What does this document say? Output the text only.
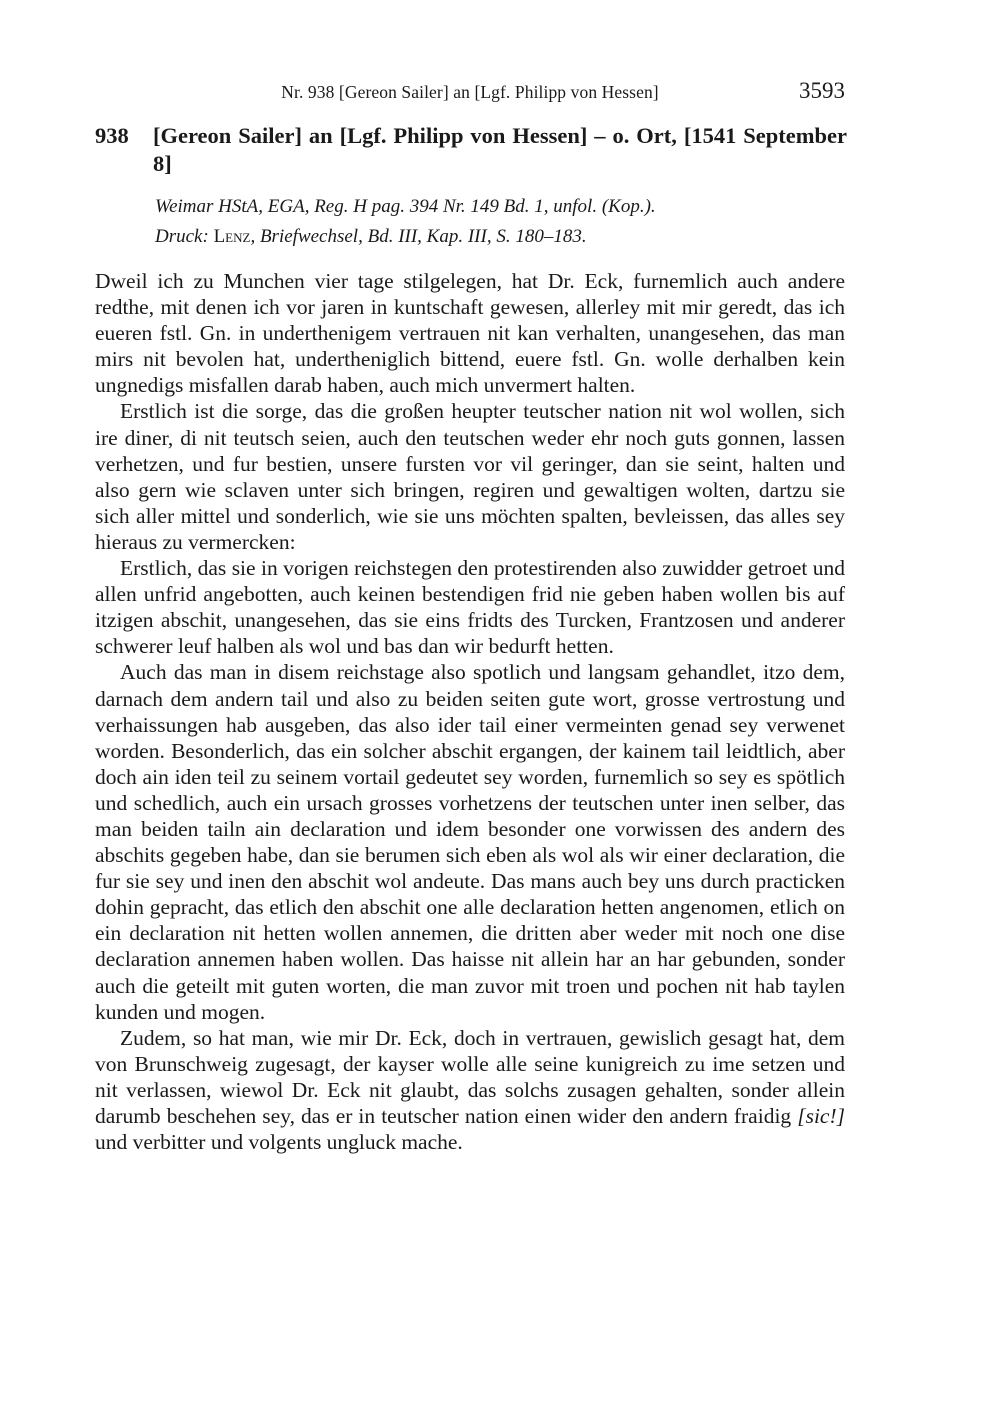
Nr. 938 [Gereon Sailer] an [Lgf. Philipp von Hessen]	3593
938 [Gereon Sailer] an [Lgf. Philipp von Hessen] – o. Ort, [1541 September 8]
Weimar HStA, EGA, Reg. H pag. 394 Nr. 149 Bd. 1, unfol. (Kop.).
Druck: Lenz, Briefwechsel, Bd. III, Kap. III, S. 180–183.

Dweil ich zu Munchen vier tage stilgelegen, hat Dr. Eck, furnemlich auch andere redthe, mit denen ich vor jaren in kuntschaft gewesen, allerley mit mir geredt, das ich eueren fstl. Gn. in underthenigem vertrauen nit kan verhalten, unangesehen, das man mirs nit bevolen hat, undertheniglich bittend, euere fstl. Gn. wolle derhalben kein ungnedigs misfallen darab haben, auch mich unvermert halten.

Erstlich ist die sorge, das die großen heupter teutscher nation nit wol wollen, sich ire diner, di nit teutsch seien, auch den teutschen weder ehr noch guts gonnen, lassen verhetzen, und fur bestien, unsere fursten vor vil geringer, dan sie seint, halten und also gern wie sclaven unter sich bringen, regiren und gewaltigen wolten, dartzu sie sich aller mittel und sonderlich, wie sie uns möchten spalten, bevleissen, das alles sey hieraus zu vermercken:

Erstlich, das sie in vorigen reichstegen den protestirenden also zuwidder getroet und allen unfrid angebotten, auch keinen bestendigen frid nie geben haben wollen bis auf itzigen abschit, unangesehen, das sie eins fridts des Turcken, Frantzosen und anderer schwerer leuf halben als wol und bas dan wir bedurft hetten.

Auch das man in disem reichstage also spotlich und langsam gehandlet, itzo dem, darnach dem andern tail und also zu beiden seiten gute wort, grosse vertrostung und verhaissungen hab ausgeben, das also ider tail einer vermeinten genad sey verwenet worden. Besonderlich, das ein solcher abschit ergangen, der kainem tail leidtlich, aber doch ain iden teil zu seinem vortail gedeutet sey worden, furnemlich so sey es spötlich und schedlich, auch ein ursach grosses vorhetzens der teutschen unter inen selber, das man beiden tailn ain declaration und idem besonder one vorwissen des andern des abschits gegeben habe, dan sie berumen sich eben als wol als wir einer declaration, die fur sie sey und inen den abschit wol andeute. Das mans auch bey uns durch practicken dohin gepracht, das etlich den abschit one alle declaration hetten angenomen, etlich on ein declaration nit hetten wollen annemen, die dritten aber weder mit noch one dise declaration annemen haben wollen. Das haisse nit allein har an har gebunden, sonder auch die geteilt mit guten worten, die man zuvor mit troen und pochen nit hab taylen kunden und mogen.

Zudem, so hat man, wie mir Dr. Eck, doch in vertrauen, gewislich gesagt hat, dem von Brunschweig zugesagt, der kayser wolle alle seine kunigreich zu ime setzen und nit verlassen, wiewol Dr. Eck nit glaubt, das solchs zusagen gehalten, sonder allein darumb beschehen sey, das er in teutscher nation einen wider den andern fraidig [sic!] und verbitter und volgents ungluck mache.
